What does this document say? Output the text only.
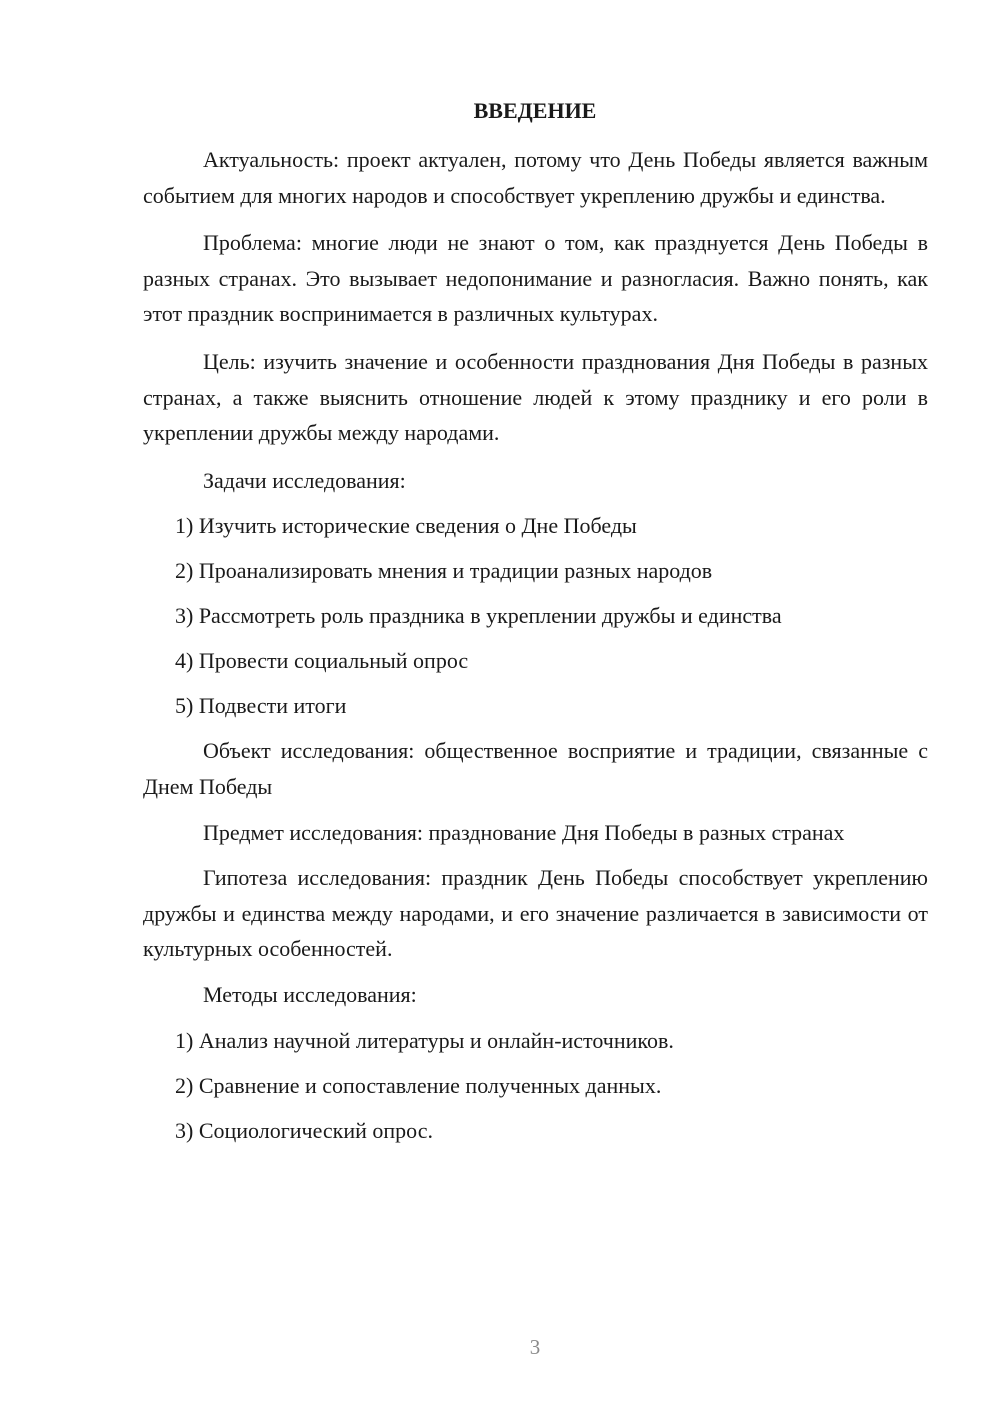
ВВЕДЕНИЕ

Актуальность: проект актуален, потому что День Победы является важным событием для многих народов и способствует укреплению дружбы и единства.

Проблема: многие люди не знают о том, как празднуется День Победы в разных странах. Это вызывает недопонимание и разногласия. Важно понять, как этот праздник воспринимается в различных культурах.

Цель: изучить значение и особенности празднования Дня Победы в разных странах, а также выяснить отношение людей к этому празднику и его роли в укреплении дружбы между народами.

Задачи исследования:

1) Изучить исторические сведения о Дне Победы

2) Проанализировать мнения и традиции разных народов

3) Рассмотреть роль праздника в укреплении дружбы и единства

4) Провести социальный опрос

5) Подвести итоги

Объект исследования: общественное восприятие и традиции, связанные с Днем Победы

Предмет исследования: празднование Дня Победы в разных странах

Гипотеза исследования: праздник День Победы способствует укреплению дружбы и единства между народами, и его значение различается в зависимости от культурных особенностей.

Методы исследования:

1) Анализ научной литературы и онлайн-источников.

2) Сравнение и сопоставление полученных данных.

3) Социологический опрос.

3
